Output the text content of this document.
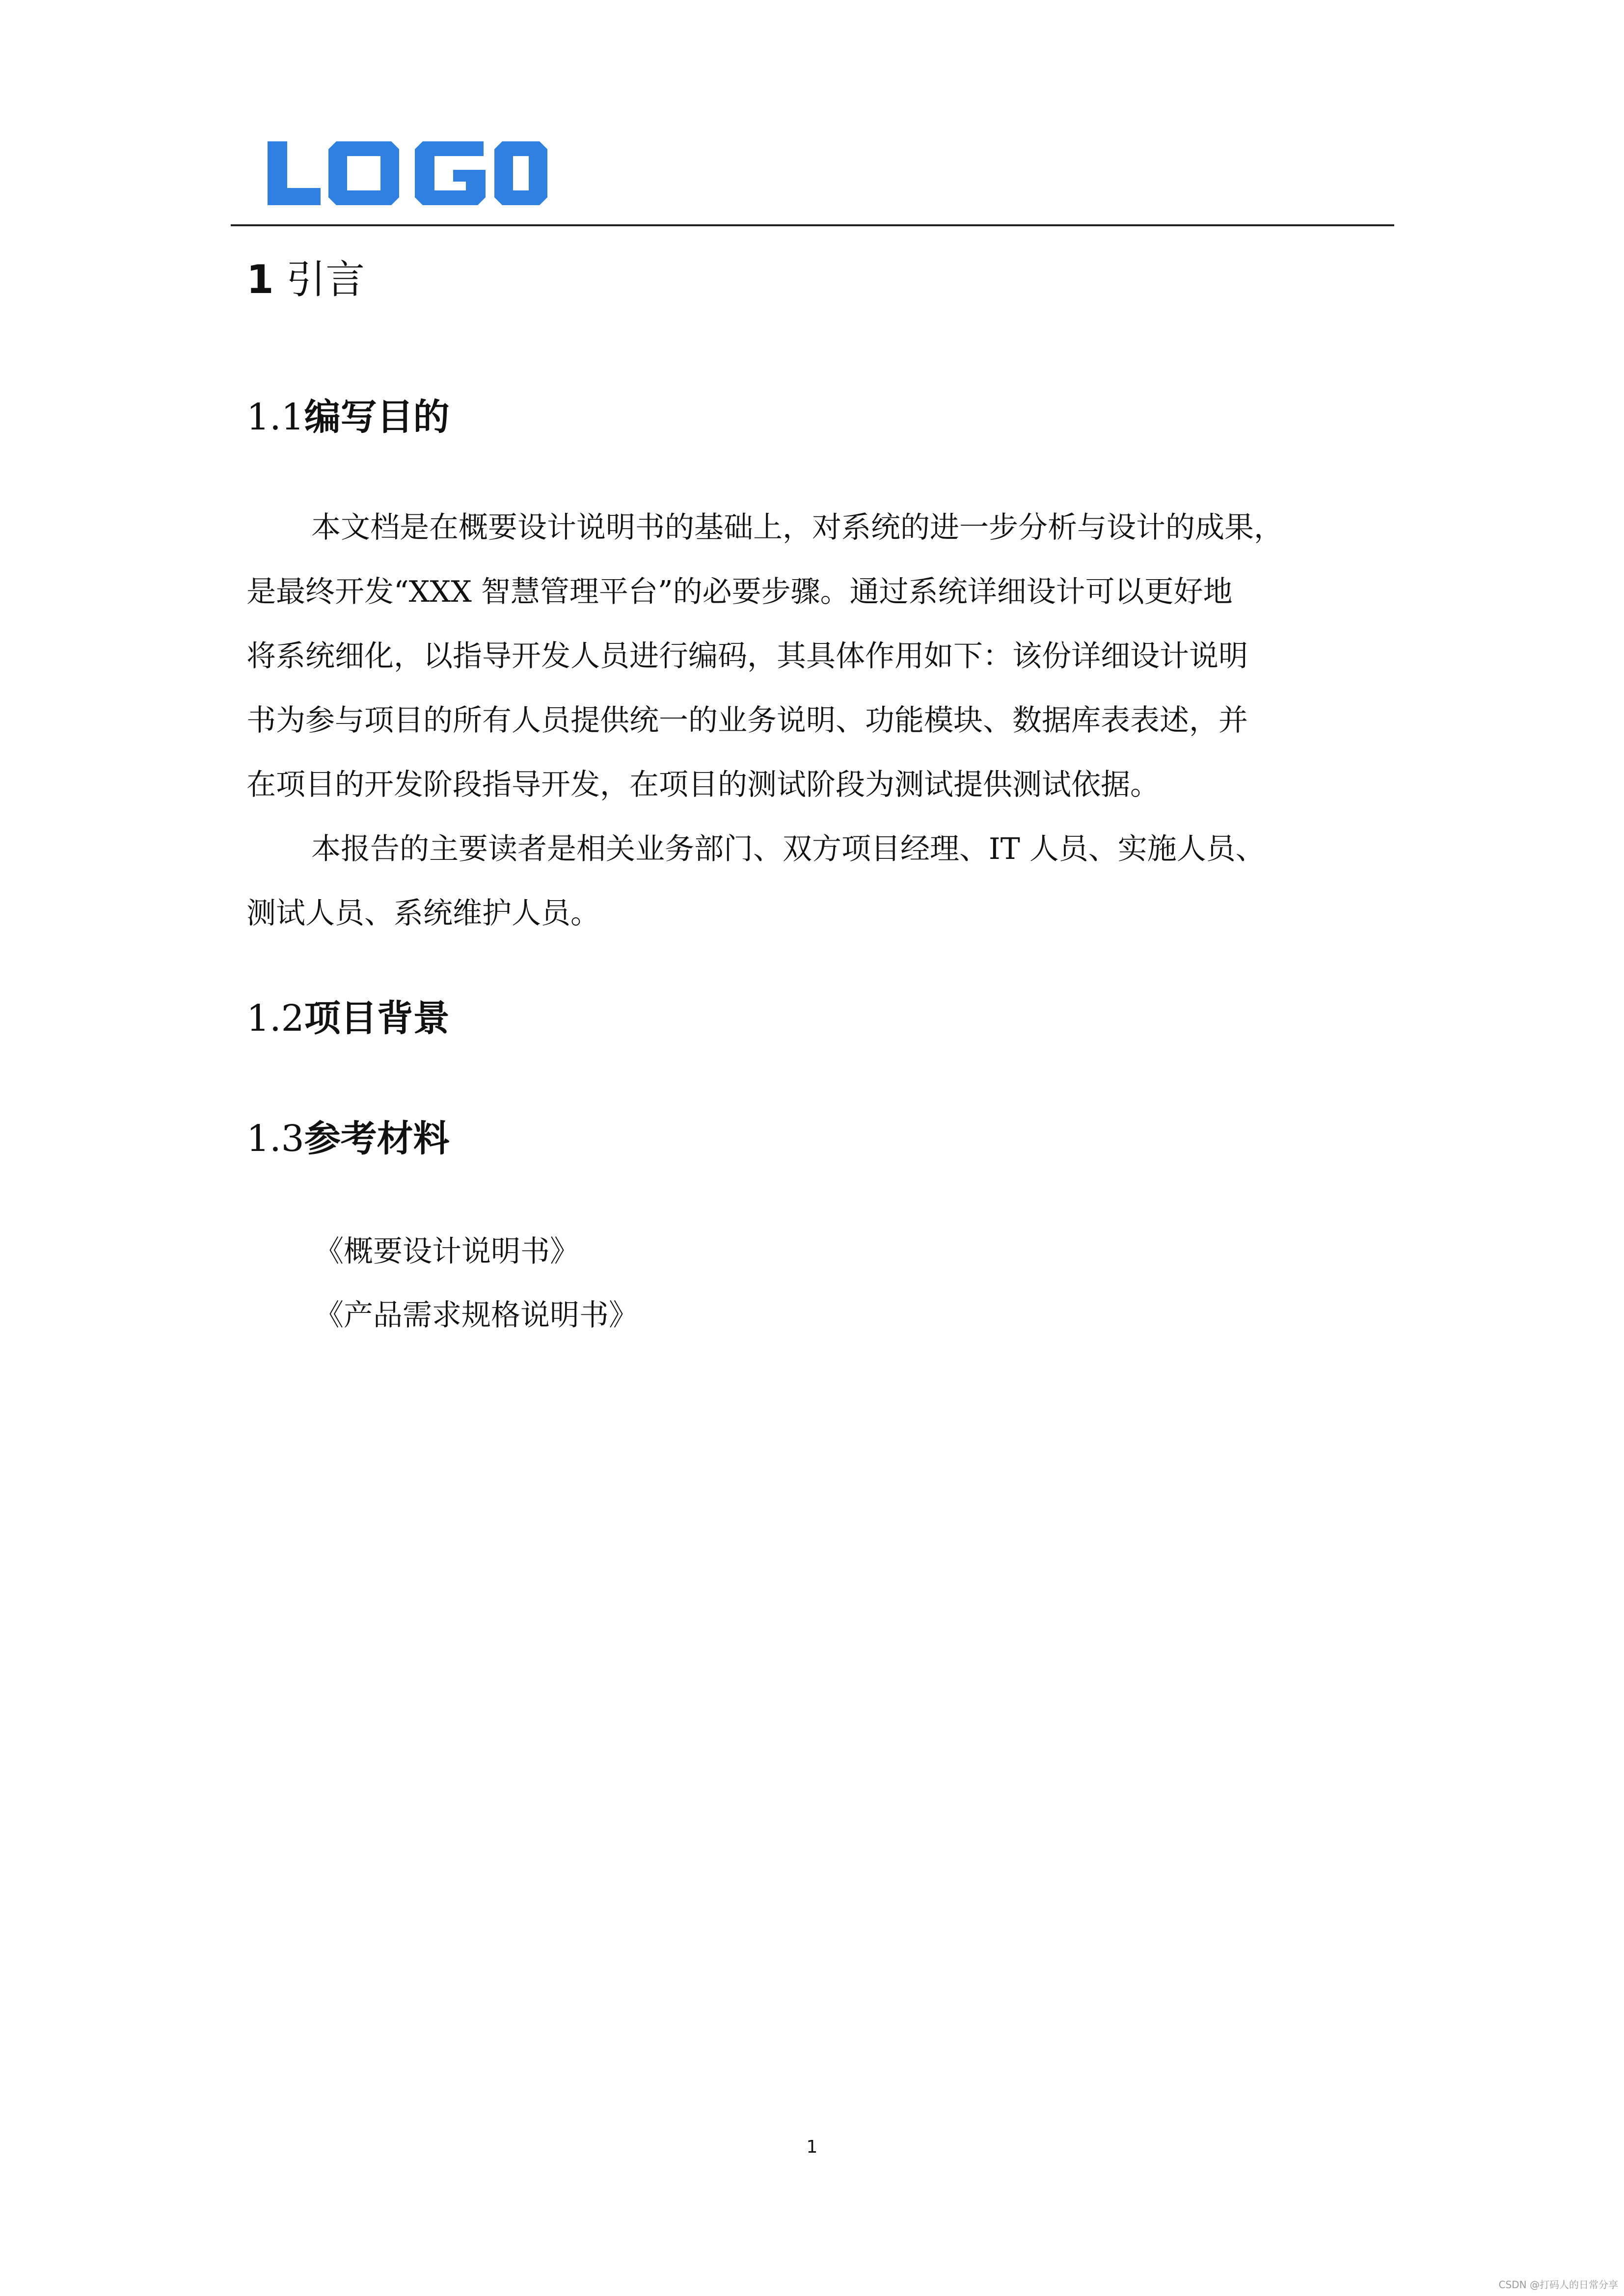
1 引言
1.1编写目的
本文档是在概要设计说明书的基础上，对系统的进一步分析与设计的成果，
是最终开发“XXX 智慧管理平台”的必要步骤。通过系统详细设计可以更好地
将系统细化，以指导开发人员进行编码，其具体作用如下：该份详细设计说明
书为参与项目的所有人员提供统一的业务说明、功能模块、数据库表表述，并
在项目的开发阶段指导开发，在项目的测试阶段为测试提供测试依据。
本报告的主要读者是相关业务部门、双方项目经理、IT 人员、实施人员、
测试人员、系统维护人员。
1.2项目背景
1.3参考材料
《概要设计说明书》
《产品需求规格说明书》
1
CSDN @打码人的日常分享
